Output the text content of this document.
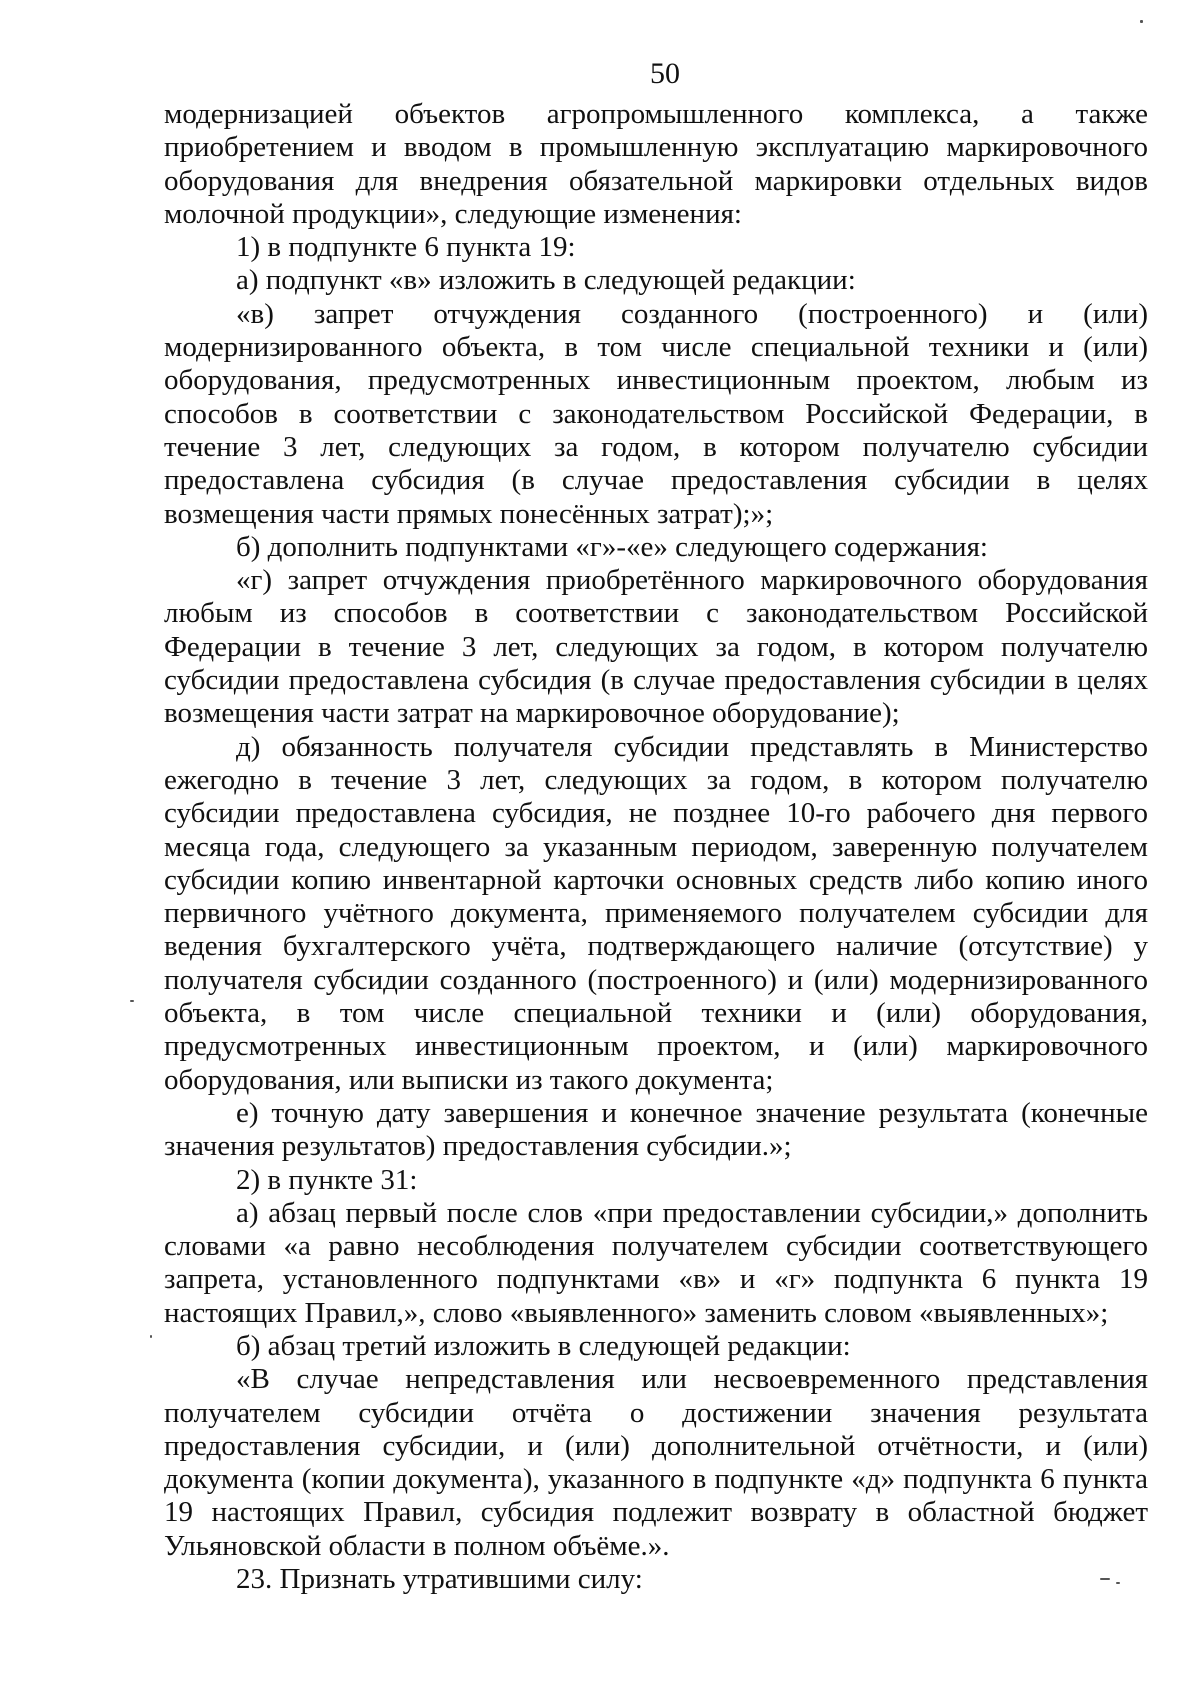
50

модернизацией объектов агропромышленного комплекса, а также приобретением и вводом в промышленную эксплуатацию маркировочного оборудования для внедрения обязательной маркировки отдельных видов молочной продукции», следующие изменения:

1) в подпункте 6 пункта 19:

а) подпункт «в» изложить в следующей редакции:

«в) запрет отчуждения созданного (построенного) и (или) модернизированного объекта, в том числе специальной техники и (или) оборудования, предусмотренных инвестиционным проектом, любым из способов в соответствии с законодательством Российской Федерации, в течение 3 лет, следующих за годом, в котором получателю субсидии предоставлена субсидия (в случае предоставления субсидии в целях возмещения части прямых понесённых затрат);»;

б) дополнить подпунктами «г»-«е» следующего содержания:

«г) запрет отчуждения приобретённого маркировочного оборудования любым из способов в соответствии с законодательством Российской Федерации в течение 3 лет, следующих за годом, в котором получателю субсидии предоставлена субсидия (в случае предоставления субсидии в целях возмещения части затрат на маркировочное оборудование);

д) обязанность получателя субсидии представлять в Министерство ежегодно в течение 3 лет, следующих за годом, в котором получателю субсидии предоставлена субсидия, не позднее 10-го рабочего дня первого месяца года, следующего за указанным периодом, заверенную получателем субсидии копию инвентарной карточки основных средств либо копию иного первичного учётного документа, применяемого получателем субсидии для ведения бухгалтерского учёта, подтверждающего наличие (отсутствие) у получателя субсидии созданного (построенного) и (или) модернизированного объекта, в том числе специальной техники и (или) оборудования, предусмотренных инвестиционным проектом, и (или) маркировочного оборудования, или выписки из такого документа;

е) точную дату завершения и конечное значение результата (конечные значения результатов) предоставления субсидии.»;

2) в пункте 31:

а) абзац первый после слов «при предоставлении субсидии,» дополнить словами «а равно несоблюдения получателем субсидии соответствующего запрета, установленного подпунктами «в» и «г» подпункта 6 пункта 19 настоящих Правил,», слово «выявленного» заменить словом «выявленных»;

б) абзац третий изложить в следующей редакции:

«В случае непредставления или несвоевременного представления получателем субсидии отчёта о достижении значения результата предоставления субсидии, и (или) дополнительной отчётности, и (или) документа (копии документа), указанного в подпункте «д» подпункта 6 пункта 19 настоящих Правил, субсидия подлежит возврату в областной бюджет Ульяновской области в полном объёме.».

23. Признать утратившими силу:
